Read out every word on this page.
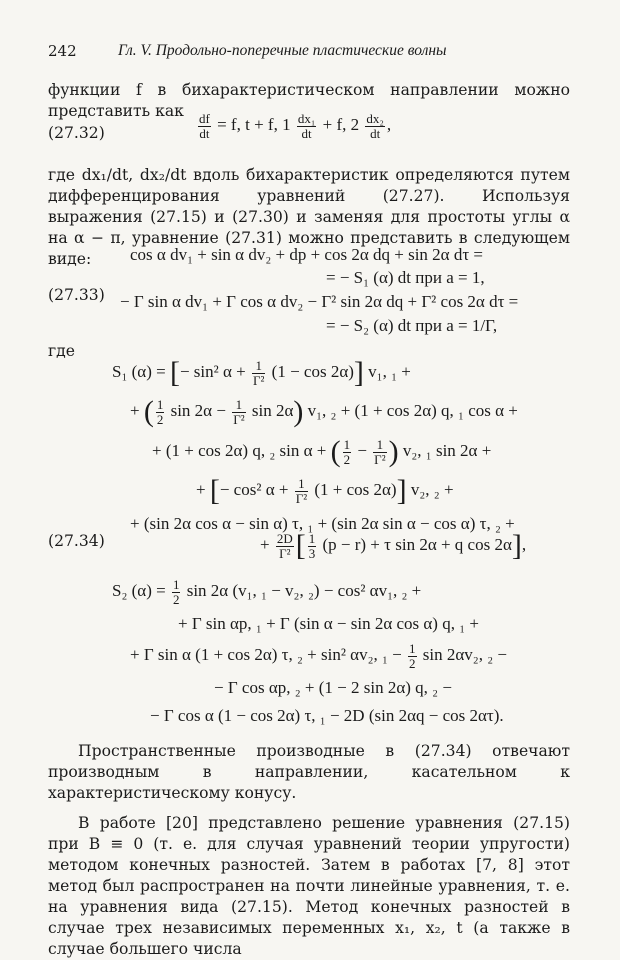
242	Гл. V. Продольно-поперечные пластические волны
функции f в бихарактеристическом направлении можно представить как
(27.32)	$\frac{df}{dt} = f$, t + f, $1 \frac{\text{dx₁}}{dt} + f$, $2 \frac{\text{dx₂}}{dt}$ ,
где dx₁/dt, dx₂/dt вдоль бихарактеристик определяются путем дифференцирования уравнений (27.27). Используя выражения (27.15) и (27.30) и заменяя для простоты углы α на α − π, уравнение (27.31) можно представить в следующем виде:
(27.33)
cos α dv₁ + sin α dv₂ + dp + cos 2α dq + sin 2α dτ =
= − S₁ (α) dt при a = 1,
− Γ sin α dv₁ + Γ cos α dv₂ − Γ² sin 2α dq + Γ² cos 2α dτ =
= − S₂ (α) dt при a = 1/Γ,
где
S₁ (α) = [− sin² $\alpha + \frac{1}{\text{Γ²}} (1 - \cos 2\alpha)$] v₁, ₁ +
+ ( $\frac{1}{2}$ $\sin 2\alpha - \frac{1}{\text{Γ²}}$ sin 2α) v₁, ₂ + (1 + cos 2α) q, ₁ cos α +
+ (1 + cos 2α) q, ₂ sin α + ( $\frac{1}{2} - \frac{1}{\text{Γ²}}$ ) v₂, ₁ sin 2α +
+ [− cos² $\alpha + \frac{1}{\text{Γ²}} (1 + \cos 2\alpha)$] v₂, ₂ +
+ (sin 2α cos α − sin α) τ, ₁ + (sin 2α sin α − cos α) τ, ₂ +
(27.34)	+ $\frac{2D}{\text{Γ²}}$ [ $\frac{1}{3} (p - r) + \tau$ sin 2α + q cos 2α],
S₂ $(\alpha) = \frac{1}{2}$ sin 2α (v₁, ₁ − v₂, ₂) − cos² αv₁, ₂ +
+ Γ sin αp, ₁ + Γ (sin α − sin 2α cos α) q, ₁ +
+ Γ sin α (1 + cos 2α) τ, ₂ + sin² αv₂, $_1 - \frac{1}{2}$ sin 2αv₂, ₂ −
− Γ cos αp, ₂ + (1 − 2 sin 2α) q, ₂ −
− Γ cos α (1 − cos 2α) τ, ₁ − 2D (sin 2αq − cos 2ατ).
Пространственные производные в (27.34) отвечают производным в направлении, касательном к характеристическому конусу.
В работе [20] представлено решение уравнения (27.15) при B ≡ 0 (т. е. для случая уравнений теории упругости) методом конечных разностей. Затем в работах [7, 8] этот метод был распространен на почти линейные уравнения, т. е. на уравнения вида (27.15). Метод конечных разностей в случае трех независимых переменных x₁, x₂, t (а также в случае большего числа
